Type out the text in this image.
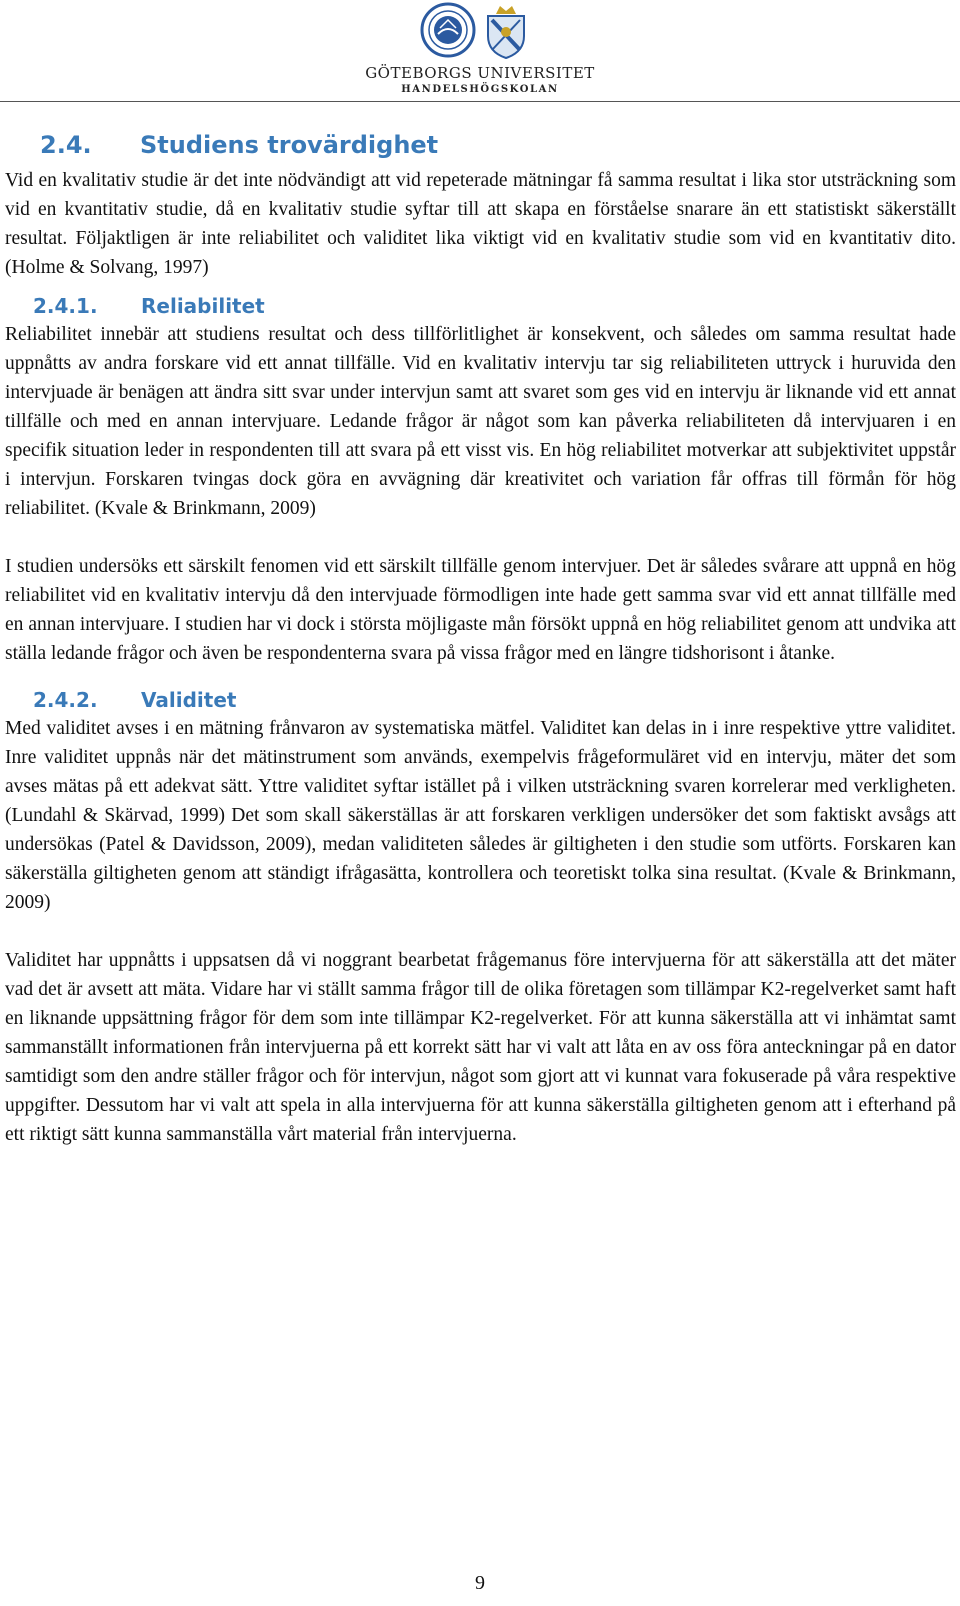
GÖTEBORGS UNIVERSITET
HANDELSHÖGSKOLAN
2.4.	Studiens trovärdighet

Vid en kvalitativ studie är det inte nödvändigt att vid repeterade mätningar få samma resultat i lika stor utsträckning som vid en kvantitativ studie, då en kvalitativ studie syftar till att skapa en förståelse snarare än ett statistiskt säkerställt resultat. Följaktligen är inte reliabilitet och validitet lika viktigt vid en kvalitativ studie som vid en kvantitativ dito. (Holme & Solvang, 1997)

2.4.1.	Reliabilitet

Reliabilitet innebär att studiens resultat och dess tillförlitlighet är konsekvent, och således om samma resultat hade uppnåtts av andra forskare vid ett annat tillfälle. Vid en kvalitativ intervju tar sig reliabiliteten uttryck i huruvida den intervjuade är benägen att ändra sitt svar under intervjun samt att svaret som ges vid en intervju är liknande vid ett annat tillfälle och med en annan intervjuare. Ledande frågor är något som kan påverka reliabiliteten då intervjuaren i en specifik situation leder in respondenten till att svara på ett visst vis. En hög reliabilitet motverkar att subjektivitet uppstår i intervjun. Forskaren tvingas dock göra en avvägning där kreativitet och variation får offras till förmån för hög reliabilitet. (Kvale & Brinkmann, 2009)

I studien undersöks ett särskilt fenomen vid ett särskilt tillfälle genom intervjuer. Det är således svårare att uppnå en hög reliabilitet vid en kvalitativ intervju då den intervjuade förmodligen inte hade gett samma svar vid ett annat tillfälle med en annan intervjuare. I studien har vi dock i största möjligaste mån försökt uppnå en hög reliabilitet genom att undvika att ställa ledande frågor och även be respondenterna svara på vissa frågor med en längre tidshorisont i åtanke.

2.4.2.	Validitet

Med validitet avses i en mätning frånvaron av systematiska mätfel. Validitet kan delas in i inre respektive yttre validitet. Inre validitet uppnås när det mätinstrument som används, exempelvis frågeformuläret vid en intervju, mäter det som avses mätas på ett adekvat sätt. Yttre validitet syftar istället på i vilken utsträckning svaren korrelerar med verkligheten. (Lundahl & Skärvad, 1999) Det som skall säkerställas är att forskaren verkligen undersöker det som faktiskt avsågs att undersökas (Patel & Davidsson, 2009), medan validiteten således är giltigheten i den studie som utförts. Forskaren kan säkerställa giltigheten genom att ständigt ifrågasätta, kontrollera och teoretiskt tolka sina resultat. (Kvale & Brinkmann, 2009)

Validitet har uppnåtts i uppsatsen då vi noggrant bearbetat frågemanus före intervjuerna för att säkerställa att det mäter vad det är avsett att mäta. Vidare har vi ställt samma frågor till de olika företagen som tillämpar K2-regelverket samt haft en liknande uppsättning frågor för dem som inte tillämpar K2-regelverket. För att kunna säkerställa att vi inhämtat samt sammanställt informationen från intervjuerna på ett korrekt sätt har vi valt att låta en av oss föra anteckningar på en dator samtidigt som den andre ställer frågor och för intervjun, något som gjort att vi kunnat vara fokuserade på våra respektive uppgifter. Dessutom har vi valt att spela in alla intervjuerna för att kunna säkerställa giltigheten genom att i efterhand på ett riktigt sätt kunna sammanställa vårt material från intervjuerna.

9
